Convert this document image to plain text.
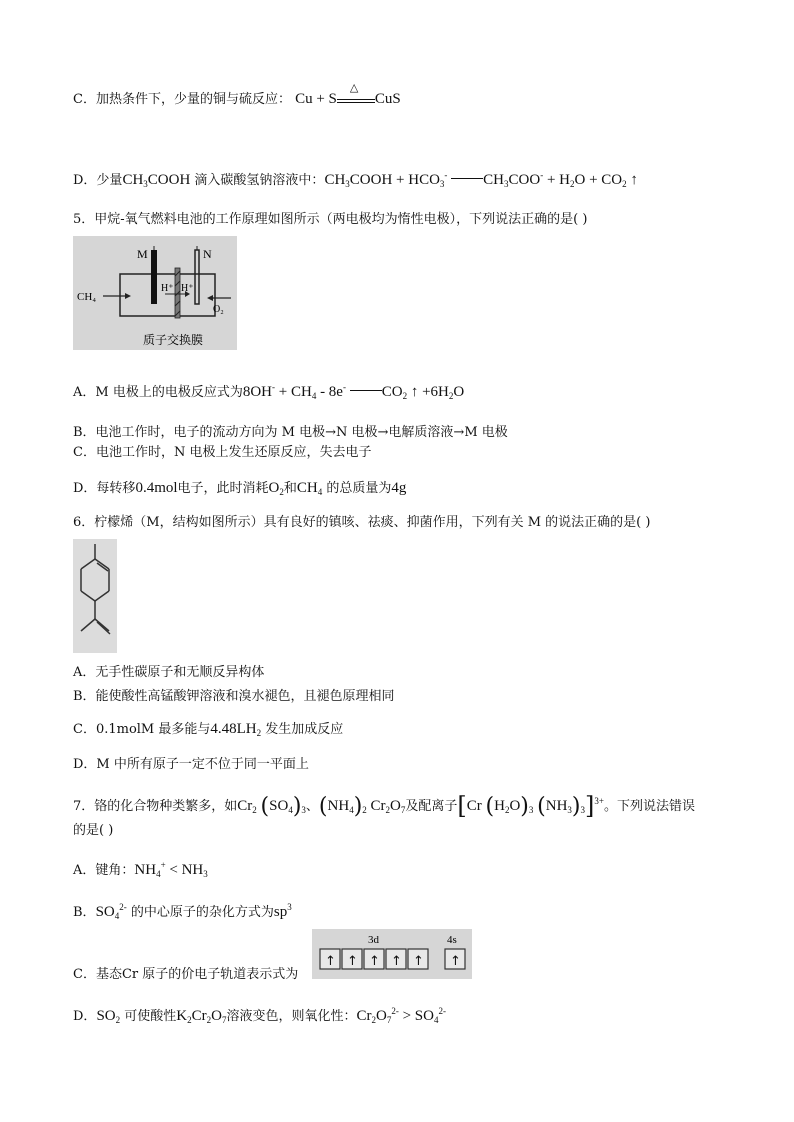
C．加热条件下，少量的铜与硫反应： Cu + S
△
CuS
D．少量$CH_3COOH$ 滴入碳酸氢钠溶液中：$CH_3COOH + HCO_3^-$ $CH_3COO^- + H_2O + CO_2$ ↑
5．甲烷-氧气燃料电池的工作原理如图所示（两电极均为惰性电极），下列说法正确的是( )
M	N
CH₄
O₂
H⁺ H⁺
质子交换膜
A．M 电极上的电极反应式为$8OH^- + CH_4 - 8e^-$ $CO_2$ ↑ $+6H_2O$
B．电池工作时，电子的流动方向为 M 电极→N 电极→电解质溶液→M 电极
C．电池工作时，N 电极上发生还原反应，失去电子
D．每转移0.4mol电子，此时消耗$O_2$和$CH_4$ 的总质量为4g
6．柠檬烯（M，结构如图所示）具有良好的镇咳、祛痰、抑菌作用，下列有关 M 的说法正确的是( )
A．无手性碳原子和无顺反异构体
B．能使酸性高锰酸钾溶液和溴水褪色，且褪色原理相同
C．0.1molM 最多能与$4.48LH_2$ 发生加成反应
D．M 中所有原子一定不位于同一平面上
7．铬的化合物种类繁多，如$Cr_2$ $(SO_4)_3$、$(NH_4)_2$ $Cr_2O_7$及配离子[Cr $(H_2O)_3$ $(NH_3)_3]^{3+}$。下列说法错误
的是( )
A．键角：$NH_4^+ < NH_3$
B．$SO_4^{2-}$ 的中心原子的杂化方式为$sp^3$
3d	4s
↑ ↑ ↑ ↑ ↑ ↑
C．基态Cr 原子的价电子轨道表示式为
D．$SO_2$ 可使酸性$K_2Cr_2O_7$溶液变色，则氧化性：$Cr_2O_7^{2-} > SO_4^{2-}$
